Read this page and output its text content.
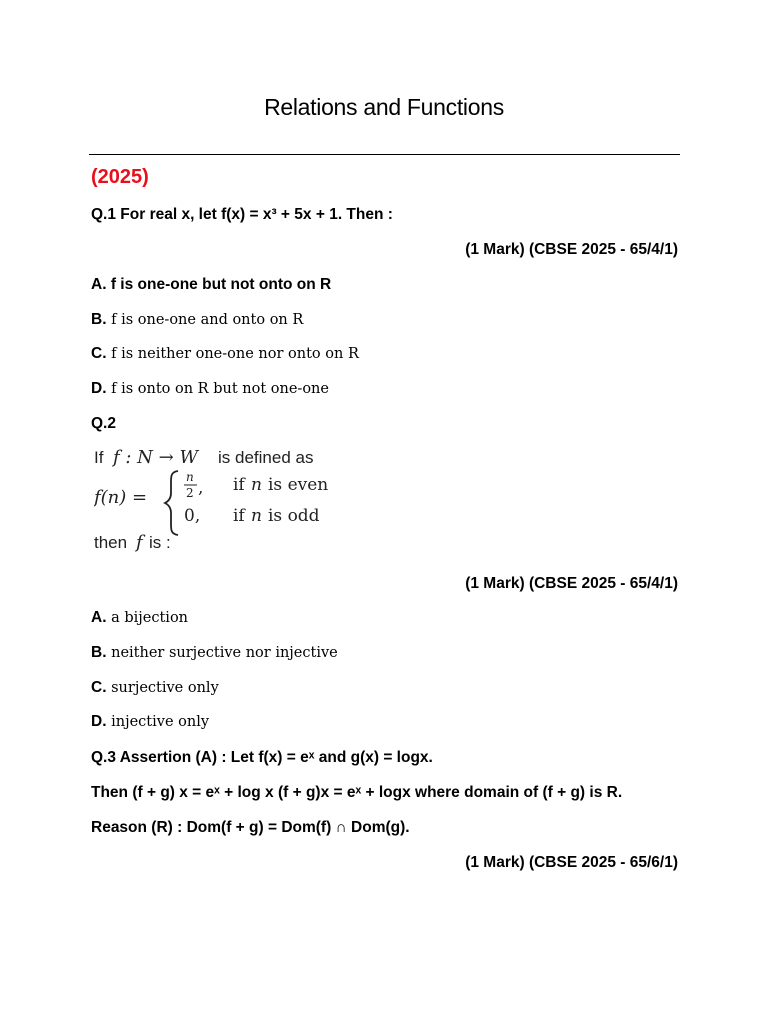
Relations and Functions
(2025)
Q.1 For real x, let f(x) = x³ + 5x + 1. Then :
(1 Mark) (CBSE 2025 - 65/4/1)
A. f is one-one but not onto on R
B. f is one-one and onto on R
C. f is neither one-one nor onto on R
D. f is onto on R but not one-one
Q.2
If f : N → W is defined as
f(n) =
n
2 , if n is even
0, if n is odd
then f is :
(1 Mark) (CBSE 2025 - 65/4/1)
A. a bijection
B. neither surjective nor injective
C. surjective only
D. injective only
Q.3 Assertion (A) : Let f(x) = eˣ and g(x) = logx.
Then (f + g) x = eˣ + log x (f + g)x = eˣ + logx where domain of (f + g) is R.
Reason (R) : Dom(f + g) = Dom(f) ∩ Dom(g).
(1 Mark) (CBSE 2025 - 65/6/1)
